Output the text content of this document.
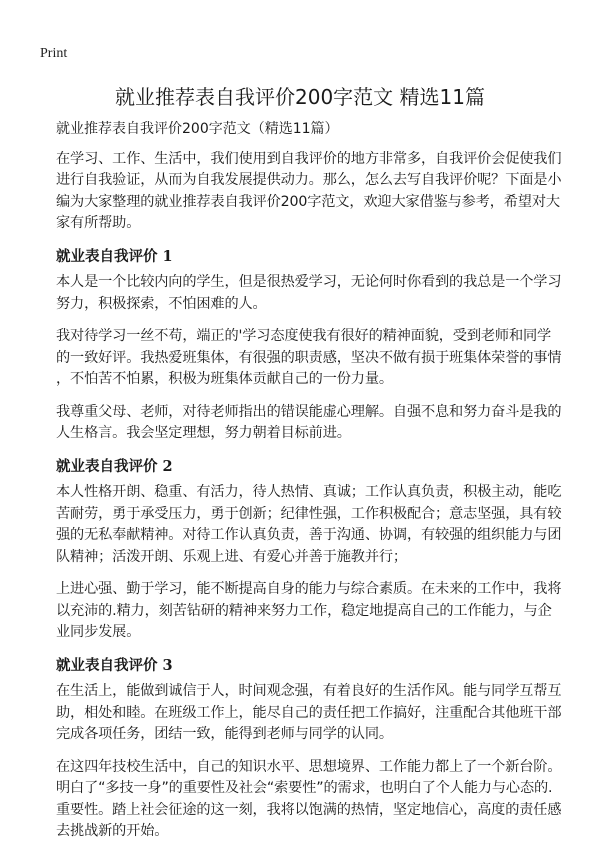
Print
就业推荐表自我评价200字范文 精选11篇
就业推荐表自我评价200字范文（精选11篇）
在学习、工作、生活中，我们使用到自我评价的地方非常多，自我评价会促使我们
进行自我验证，从而为自我发展提供动力。那么，怎么去写自我评价呢？下面是小
编为大家整理的就业推荐表自我评价200字范文，欢迎大家借鉴与参考，希望对大
家有所帮助。
就业表自我评价 1
本人是一个比较内向的学生，但是很热爱学习，无论何时你看到的我总是一个学习
努力，积极探索，不怕困难的人。
我对待学习一丝不苟，端正的'学习态度使我有很好的精神面貌，受到老师和同学
的一致好评。我热爱班集体，有很强的职责感，坚决不做有损于班集体荣誉的事情
，不怕苦不怕累，积极为班集体贡献自己的一份力量。
我尊重父母、老师，对待老师指出的错误能虚心理解。自强不息和努力奋斗是我的
人生格言。我会坚定理想，努力朝着目标前进。
就业表自我评价 2
本人性格开朗、稳重、有活力，待人热情、真诚；工作认真负责，积极主动，能吃
苦耐劳，勇于承受压力，勇于创新；纪律性强，工作积极配合；意志坚强，具有较
强的无私奉献精神。对待工作认真负责，善于沟通、协调，有较强的组织能力与团
队精神；活泼开朗、乐观上进、有爱心并善于施教并行；
上进心强、勤于学习，能不断提高自身的能力与综合素质。在未来的工作中，我将
以充沛的.精力，刻苦钻研的精神来努力工作，稳定地提高自己的工作能力，与企
业同步发展。
就业表自我评价 3
在生活上，能做到诚信于人，时间观念强，有着良好的生活作风。能与同学互帮互
助，相处和睦。在班级工作上，能尽自己的责任把工作搞好，注重配合其他班干部
完成各项任务，团结一致，能得到老师与同学的认同。
在这四年技校生活中，自己的知识水平、思想境界、工作能力都上了一个新台阶。
明白了“多技一身”的重要性及社会“索要性”的需求，也明白了个人能力与心态的.
重要性。踏上社会征途的这一刻，我将以饱满的热情，坚定地信心，高度的责任感
去挑战新的开始。
